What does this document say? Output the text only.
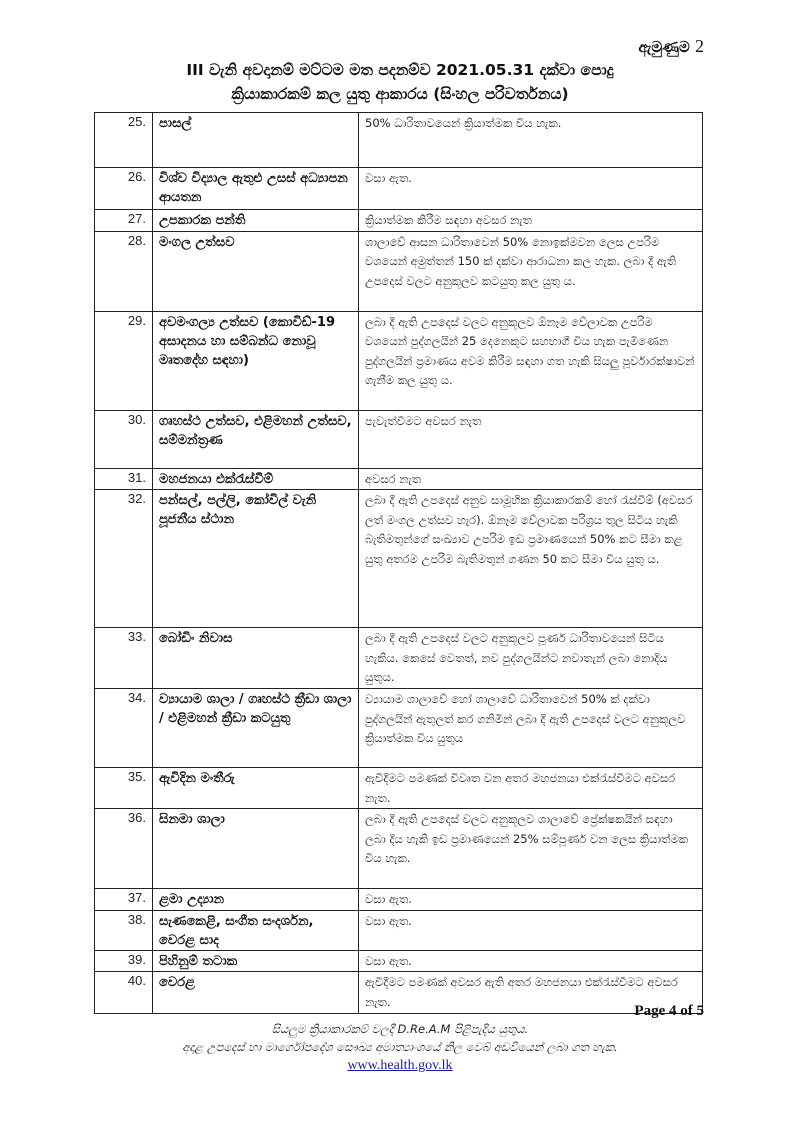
ඇමුණුම 2
III වැනි අවදානම් මට්ටම මත පදනම්ව 2021.05.31 දක්වා පොදු
ක්‍රියාකාරකම් කල යුතු ආකාරය (සිංහල පරිවර්තනය)
25.	පාසල්	50% ධාරිතාවයෙන් ක්‍රියාත්මක විය හැක.
26.	විශ්ව විද්‍යාල ඇතුළු උසස් අධ්‍යාපන ආයතන	වසා ඇත.
27.	උපකාරක පන්ති	ක්‍රියාත්මක කිරීම සඳහා අවසර නැත
28.	මංගල උත්සව	ශාලාවේ ආසන ධාරිතාවෙන් 50% නොඉක්මවන ලෙස උපරිම වශයෙන් අමුත්තන් 150 ක් දක්වා ආරාධනා කල හැක. ලබා දී ඇති උපදෙස් වලට අනුකූලව කටයුතු කල යුතු ය.
29.	අවමංගල්‍ය උත්සව (කොවිඩ්-19 අසාදනය හා සම්බන්ධ නොවූ මෘතදේහ සඳහා)	ලබා දී ඇති උපදෙස් වලට අනුකූලව ඕනෑම වේලාවක උපරිම වශයෙන් පුද්ගලයින් 25 දෙනෙකුට සහභාගී විය හැක පැමිණෙන පුද්ගලයින් ප්‍රමාණය අවම කිරීම සඳහා ගත හැකි සියලු පූර්වාරක්ෂාවන් ගැනීම කල යුතු ය.
30.	ගෘහස්ථ උත්සව, එළිමහන් උත්සව, සම්මන්ත්‍රණ	පැවැත්වීමට අවසර නැත
31.	මහජනයා එක්රැස්වීම්	අවසර නැත
32.	පන්සල්, පල්ලි, කෝවිල් වැනි පූජනීය ස්ථාන	ලබා දී ඇති උපදෙස් අනුව සාමූහික ක්‍රියාකාරකම් හෝ රැස්වීම් (අවසර ලත් මංගල උත්සව හැර). ඕනෑම වේලාවක පරිශ්‍රය තුල සිටිය හැකි බැතිමතුන්ගේ සංඛ්‍යාව උපරිම ඉඩ ප්‍රමාණයෙන් 50% කට සීමා කළ යුතු අතරම උපරිම බැතිමතුන් ගණන 50 කට සීමා විය යුතු ය.
33.	බෝඩිං නිවාස	ලබා දී ඇති උපදෙස් වලට අනුකූලව පූර්ණ ධාරිතාවයෙන් සිටිය හැකිය. කෙසේ වෙතත්, නව පුද්ගලයින්ට නවාතැන් ලබා නොදිය යුතුය.
34.	ව්‍යායාම ශාලා / ගෘහස්ථ ක්‍රීඩා ශාලා / එළිමහන් ක්‍රීඩා කටයුතු	ව්‍යායාම ශාලාවේ හෝ ශාලාවේ ධාරිතාවෙන් 50% ක් දක්වා පුද්ගලයින් ඇතුලත් කර ගනිමින් ලබා දී ඇති උපදෙස් වලට අනුකූලව ක්‍රියාත්මක විය යුතුය
35.	ඇවිදින මංතීරු	ඇවිදීමට පමණක් විවෘත වන අතර මහජනයා එක්රැස්වීමට අවසර නැත.
36.	සිනමා ශාලා	ලබා දී ඇති උපදෙස් වලට අනුකූලව ශාලාවේ ප්‍රේක්ෂකයින් සඳහා ලබා දිය හැකි ඉඩ ප්‍රමාණයෙන් 25% සම්පූර්ණ වන ලෙස ක්‍රියාත්මක විය හැක.
37.	ළමා උද්‍යාන	වසා ඇත.
38.	සැණකෙළි, සංගීත සංදර්ශන, වෙරළ සාද	වසා ඇත.
39.	පිහිනුම් තටාක	වසා ඇත.
40.	වෙරළ	ඇවිදීමට පමණක් අවසර ඇති අතර මහජනයා එක්රැස්වීමට අවසර නැත.
Page 4 of 5
සියලුම ක්‍රියාකාරකම් වලදී D.Re.A.M පිළිපැදිය යුතුය.
අදාළ උපදෙස් හා මාර්ගෝපදේශ සෞඛ්‍ය අමාත්‍යාංශයේ නිල වෙබ් අඩවියෙන් ලබා ගත හැක.
www.health.gov.lk
